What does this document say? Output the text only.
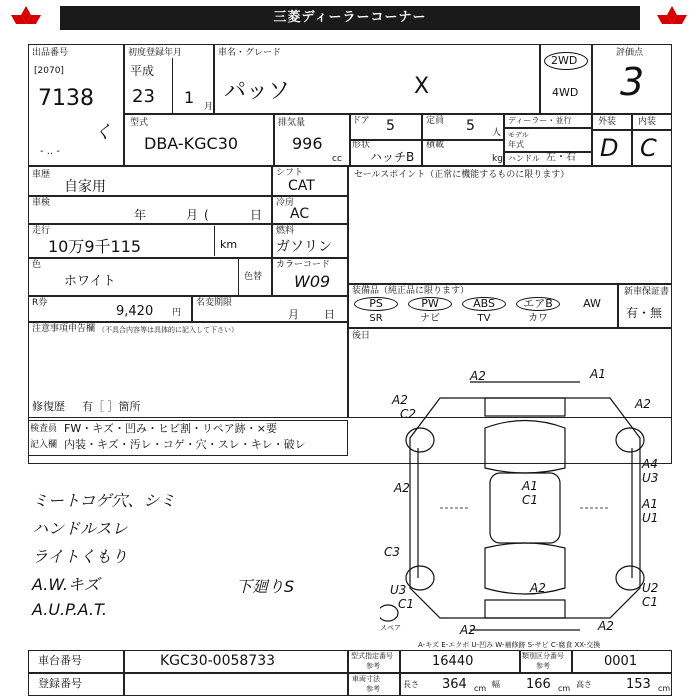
三菱ディーラーコーナー
出品番号
[2070]
7138
く
- .. -
初度登録年月
平成
23 1 月
車名・グレード
パッソ	X
2WD
4WD
評価点
3
外装 内装
D C
型式
DBA-KGC30
排気量
996
cc
ドア 5	定員 5 人
ディーラー・並行
形状
ハッチB
積載
kg
モデル
年式
ハンドル 左・右
車歴
自家用
シフト
CAT
セールスポイント（正常に機能するものに限ります）
車検
年	月 (	日
冷房
AC
走行
10万9千115	km
燃料
ガソリン
色
ホワイト	色替
カラーコード
W09 装備品（純正品に限ります）
PS	PW	ABS	エアB	AW
SR	ナビ	TV	カワ
新車保証書
有・無
R券
9,420 円
名変期限
月 日
注意事項申告欄 （不具合内容等は具体的に記入して下さい）
修復歴 有［ ］箇所
後日
検査員
記入欄
FW・キズ・凹み・ヒビ割・リペア跡・×要
内装・キズ・汚レ・コゲ・穴・スレ・キレ・破レ
ミートコゲ穴、シミ
ハンドルスレ
ライトくもり
A.W.キズ
A.U.P.A.T.
下廻りS
A2	A1
A2
A2
C2
A2	A1
C1
A4
U3
A1
U1
C3
U3
C1
A2	U2
C1
A2	A2
スペア
A-キズ E-エクボ U-凹み W-補修跡 S-サビ C-腐食 XX-交換
車台番号	KGC30-0058733
登録番号
型式指定番号
参考	16440	類別区分番号
参考	0001
車両寸法
参考	長さ 364 cm 幅 166 cm 高さ	153 cm
